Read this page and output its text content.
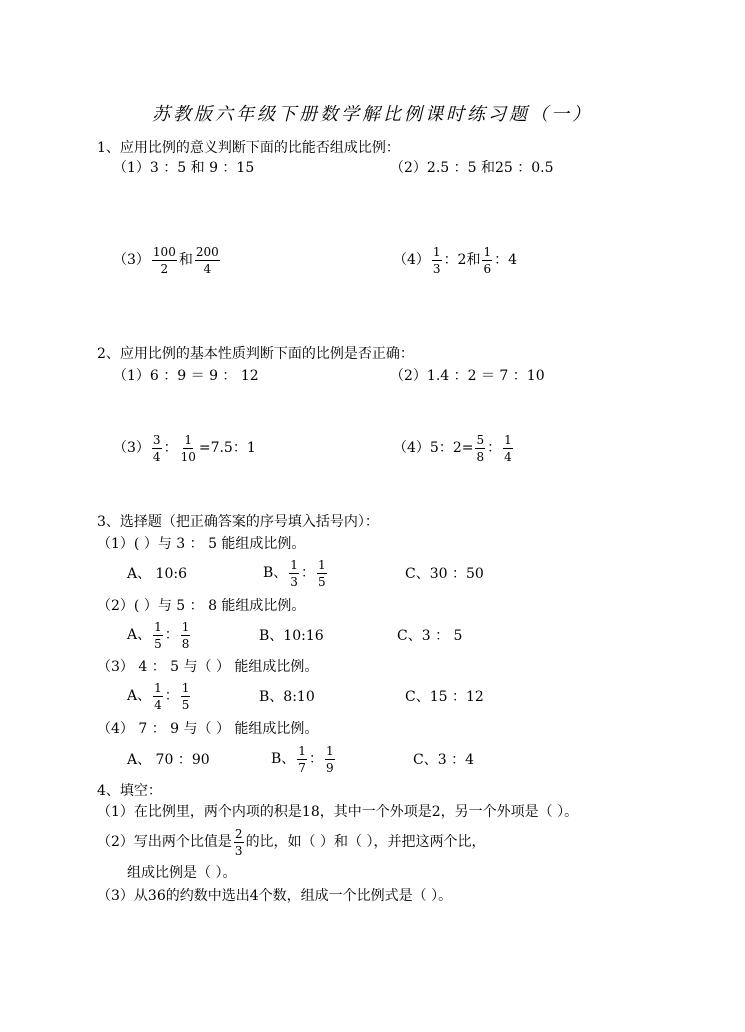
苏教版六年级下册数学解比例课时练习题（一）
1、应用比例的意义判断下面的比能否组成比例：
（1）3 ：5 和 9 ：15	（2）2.5 ：5 和25 ：0.5
$(3) \frac{100}{2}$ 和 $\frac{200}{4}$	$(4) \frac{1}{3}$ ：2和 $\frac{1}{6}$ ：4
2、应用比例的基本性质判断下面的比例是否正确：
（1）6 ：9 ＝ 9 ： 12	（2）1.4 ：2 ＝ 7 ：10
$(3) \frac{3}{4}$ ： $\frac{1}{10} =7.5$：1	（4）5：$2= \frac{5}{8}$ ： $\frac{1}{4}$
3、选择题（把正确答案的序号填入括号内）：
（1）( ）与 3 ： 5 能组成比例。
A、 10:6	B、 $\frac{1}{3}$ ： $\frac{1}{5}$	C、30 ：50
（2）( ）与 5 ： 8 能组成比例。
A、 $\frac{1}{5}$ ： $\frac{1}{8}$	B、10:16	C、3 ： 5
（3） 4 ： 5 与（ ） 能组成比例。
A、 $\frac{1}{4}$ ： $\frac{1}{5}$	B、8:10	C、15 ：12
（4） 7 ： 9 与（ ） 能组成比例。
A、 70 ：90	B、 $\frac{1}{7}$ ： $\frac{1}{9}$	C、3 ：4
4、填空：
（1）在比例里，两个内项的积是18，其中一个外项是2，另一个外项是（ ）。
（2）写出两个比值是 $\frac{2}{3}$ 的比，如（ ）和（ ），并把这两个比，
组成比例是（ ）。
（3）从36的约数中选出4个数，组成一个比例式是（ ）。
